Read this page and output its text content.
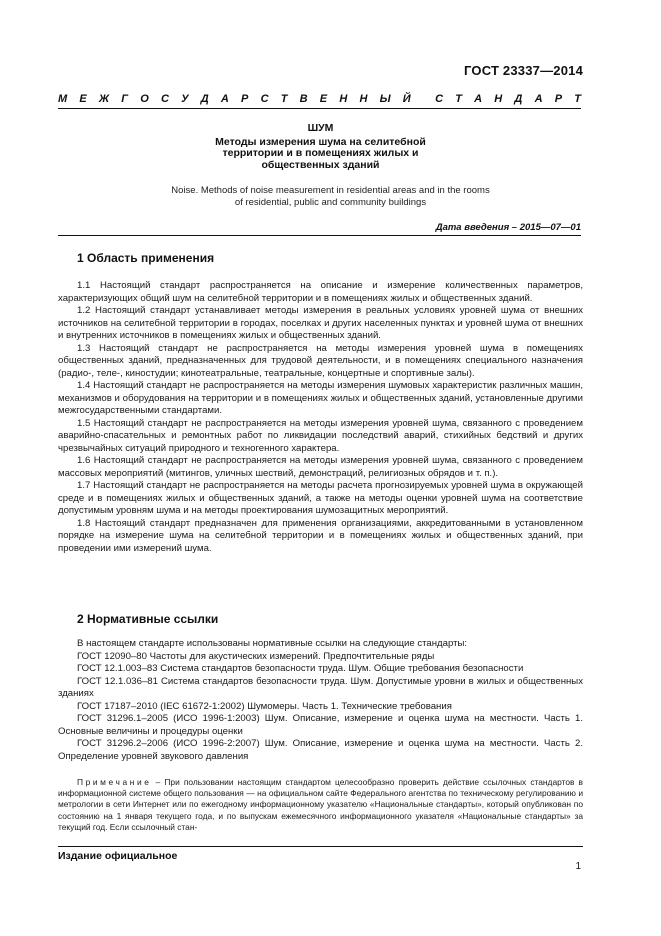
ГОСТ 23337—2014
М Е Ж Г О С У Д А Р С Т В Е Н Н Ы Й С Т А Н Д А Р Т
ШУМ
Методы измерения шума на селитебной
территории и в помещениях жилых и
общественных зданий
Noise. Methods of noise measurement in residential areas and in the rooms
of residential, public and community buildings
Дата введения – 2015—07—01
1 Область применения

1.1 Настоящий стандарт распространяется на описание и измерение количественных параметров, характеризующих общий шум на селитебной территории и в помещениях жилых и общественных зданий.

1.2 Настоящий стандарт устанавливает методы измерения в реальных условиях уровней шума от внешних источников на селитебной территории в городах, поселках и других населенных пунктах и уровней шума от внешних и внутренних источников в помещениях жилых и общественных зданий.

1.3 Настоящий стандарт не распространяется на методы измерения уровней шума в помещениях общественных зданий, предназначенных для трудовой деятельности, и в помещениях специального назначения (радио-, теле-, киностудии; кинотеатральные, театральные, концертные и спортивные залы).

1.4 Настоящий стандарт не распространяется на методы измерения шумовых характеристик различных машин, механизмов и оборудования на территории и в помещениях жилых и общественных зданий, установленные другими межгосударственными стандартами.

1.5 Настоящий стандарт не распространяется на методы измерения уровней шума, связанного с проведением аварийно-спасательных и ремонтных работ по ликвидации последствий аварий, стихийных бедствий и других чрезвычайных ситуаций природного и техногенного характера.

1.6 Настоящий стандарт не распространяется на методы измерения уровней шума, связанного с проведением массовых мероприятий (митингов, уличных шествий, демонстраций, религиозных обрядов и т. п.).

1.7 Настоящий стандарт не распространяется на методы расчета прогнозируемых уровней шума в окружающей среде и в помещениях жилых и общественных зданий, а также на методы оценки уровней шума на соответствие допустимым уровням шума и на методы проектирования шумозащитных мероприятий.

1.8 Настоящий стандарт предназначен для применения организациями, аккредитованными в установленном порядке на измерение шума на селитебной территории и в помещениях жилых и общественных зданий, при проведении ими измерений шума.

2 Нормативные ссылки

В настоящем стандарте использованы нормативные ссылки на следующие стандарты:

ГОСТ 12090–80 Частоты для акустических измерений. Предпочтительные ряды

ГОСТ 12.1.003–83 Система стандартов безопасности труда. Шум. Общие требования безопасности

ГОСТ 12.1.036–81 Система стандартов безопасности труда. Шум. Допустимые уровни в жилых и общественных зданиях

ГОСТ 17187–2010 (IEC 61672-1:2002) Шумомеры. Часть 1. Технические требования

ГОСТ 31296.1–2005 (ИСО 1996-1:2003) Шум. Описание, измерение и оценка шума на местности. Часть 1. Основные величины и процедуры оценки

ГОСТ 31296.2–2006 (ИСО 1996-2:2007) Шум. Описание, измерение и оценка шума на местности. Часть 2. Определение уровней звукового давления

Примечание – При пользовании настоящим стандартом целесообразно проверить действие ссылочных стандартов в информационной системе общего пользования — на официальном сайте Федерального агентства по техническому регулированию и метрологии в сети Интернет или по ежегодному информационному указателю «Национальные стандарты», который опубликован по состоянию на 1 января текущего года, и по выпускам ежемесячного информационного указателя «Национальные стандарты» за текущий год. Если ссылочный стан-

Издание официальное
1
